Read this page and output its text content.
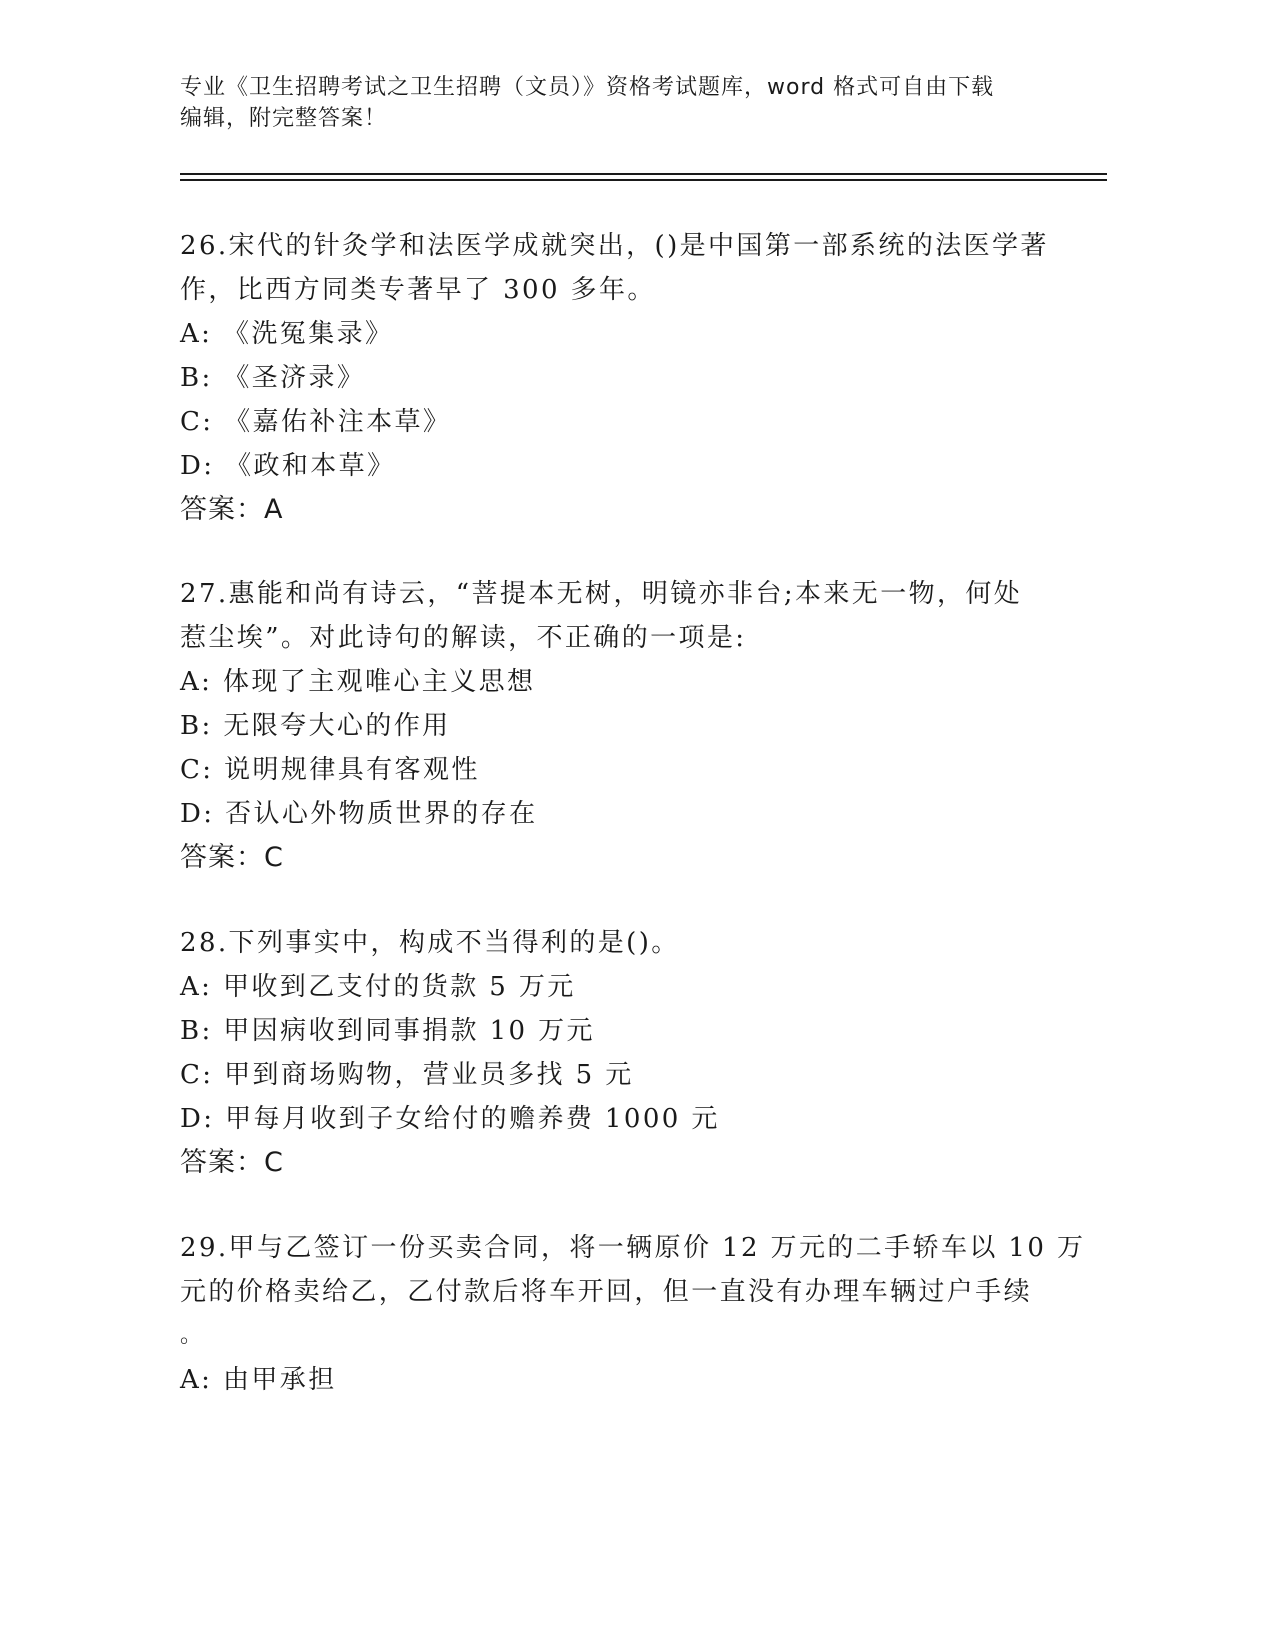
专业《卫生招聘考试之卫生招聘（文员）》资格考试题库，word 格式可自由下载

编辑，附完整答案！

26.宋代的针灸学和法医学成就突出，()是中国第一部系统的法医学著
作，比西方同类专著早了 300 多年。
A: 《洗冤集录》
B: 《圣济录》
C: 《嘉佑补注本草》
D: 《政和本草》
答案：A
27.惠能和尚有诗云，“菩提本无树，明镜亦非台;本来无一物，何处
惹尘埃”。对此诗句的解读，不正确的一项是:
A: 体现了主观唯心主义思想
B: 无限夸大心的作用
C: 说明规律具有客观性
D: 否认心外物质世界的存在
答案：C
28.下列事实中，构成不当得利的是()。
A: 甲收到乙支付的货款 5 万元
B: 甲因病收到同事捐款 10 万元
C: 甲到商场购物，营业员多找 5 元
D: 甲每月收到子女给付的赡养费 1000 元
答案：C
29.甲与乙签订一份买卖合同，将一辆原价 12 万元的二手轿车以 10 万
元的价格卖给乙，乙付款后将车开回，但一直没有办理车辆过户手续
。
A: 由甲承担
